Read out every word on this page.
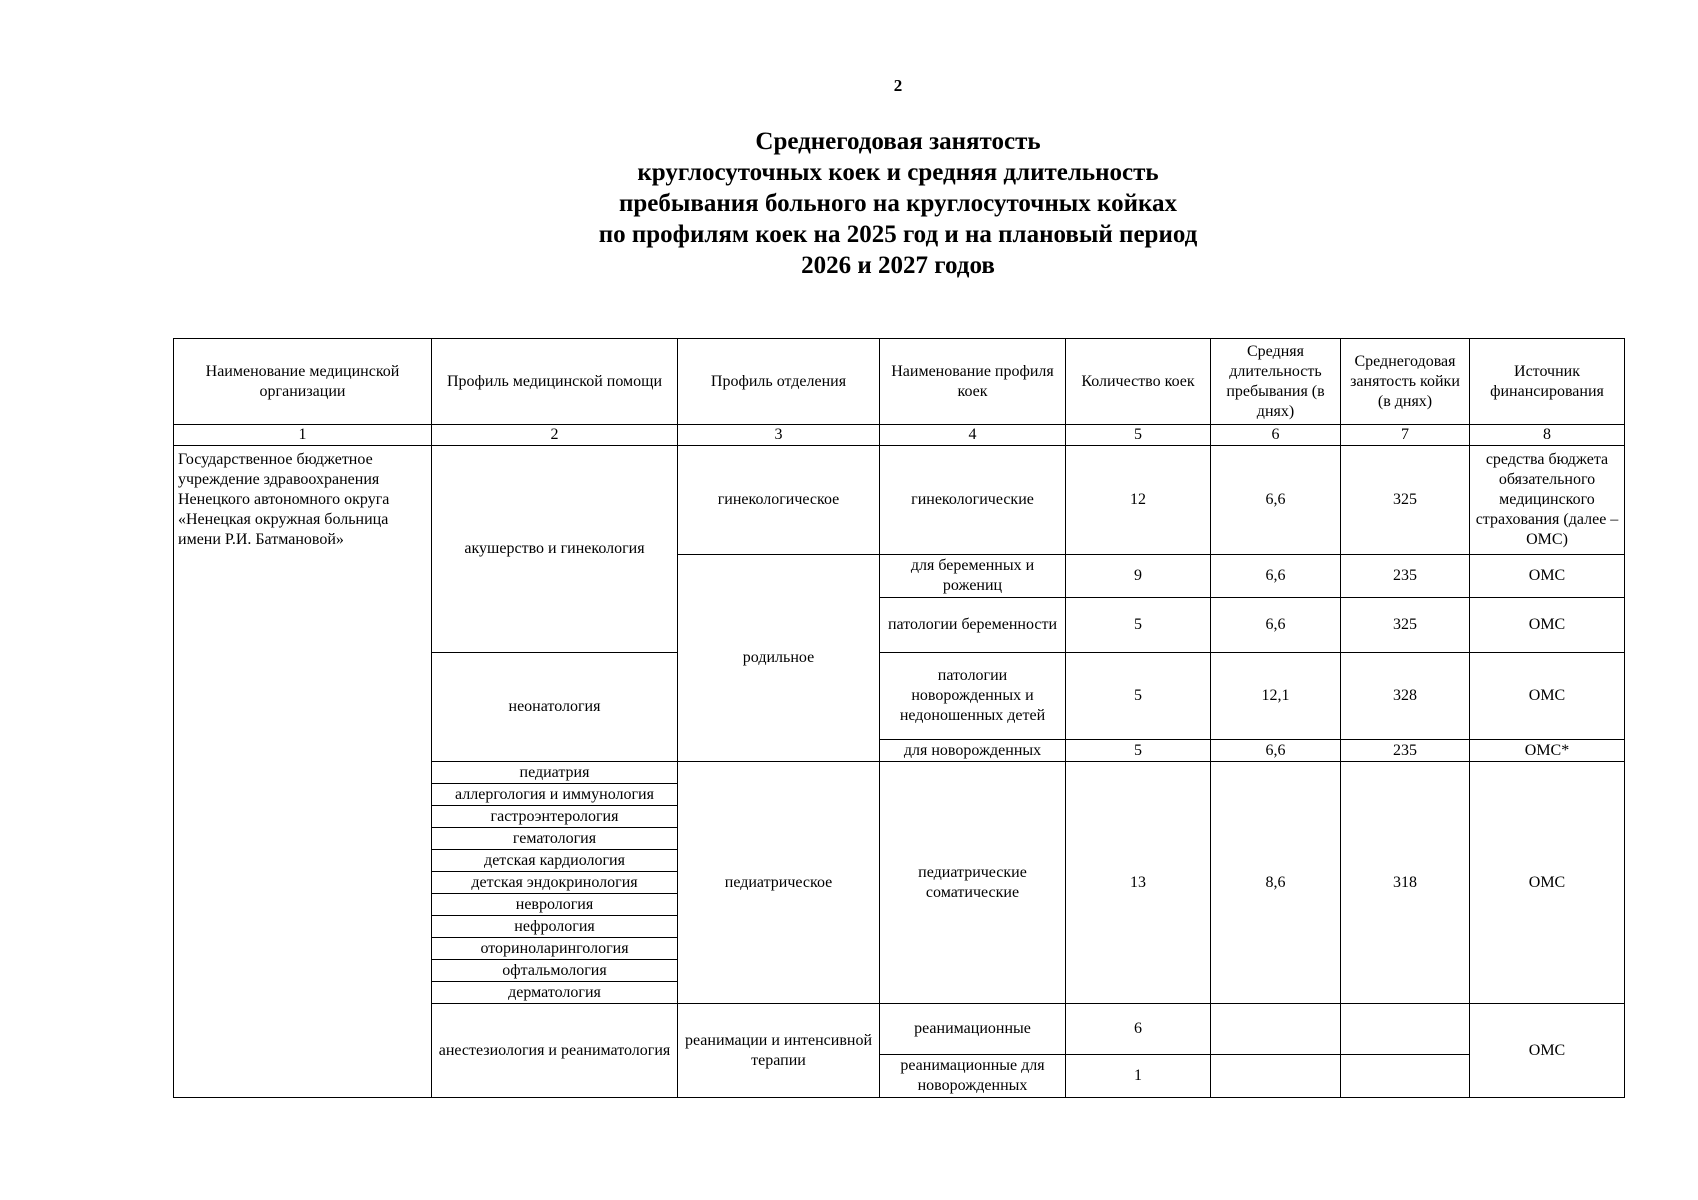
2
Среднегодовая занятость
круглосуточных коек и средняя длительность
пребывания больного на круглосуточных койках
по профилям коек на 2025 год и на плановый период
2026 и 2027 годов
Наименование медицинской организации	Профиль медицинской помощи	Профиль отделения	Наименование профиля коек	Количество коек	Средняя длительность пребывания (в днях)	Среднегодовая занятость койки (в днях)	Источник финансирования
1	2	3	4	5	6	7	8
Государственное бюджетное учреждение здравоохранения Ненецкого автономного округа «Ненецкая окружная больница имени Р.И. Батмановой»	акушерство и гинекология	гинекологическое	гинекологические	12	6,6	325	средства бюджета обязательного медицинского страхования (далее – ОМС)
		родильное	для беременных и рожениц	9	6,6	235	ОМС
			патологии беременности	5	6,6	325	ОМС
	неонатология		патологии новорожденных и недоношенных детей	5	12,1	328	ОМС
			для новорожденных	5	6,6	235	ОМС*
	педиатрия	педиатрическое	педиатрические соматические	13	8,6	318	ОМС
	аллергология и иммунология						
	гастроэнтерология						
	гематология						
	детская кардиология						
	детская эндокринология						
	неврология						
	нефрология						
	оториноларингология						
	офтальмология						
	дерматология						
	анестезиология и реаниматология	реанимации и интенсивной терапии	реанимационные	6			ОМС
			реанимационные для новорожденных	1			
